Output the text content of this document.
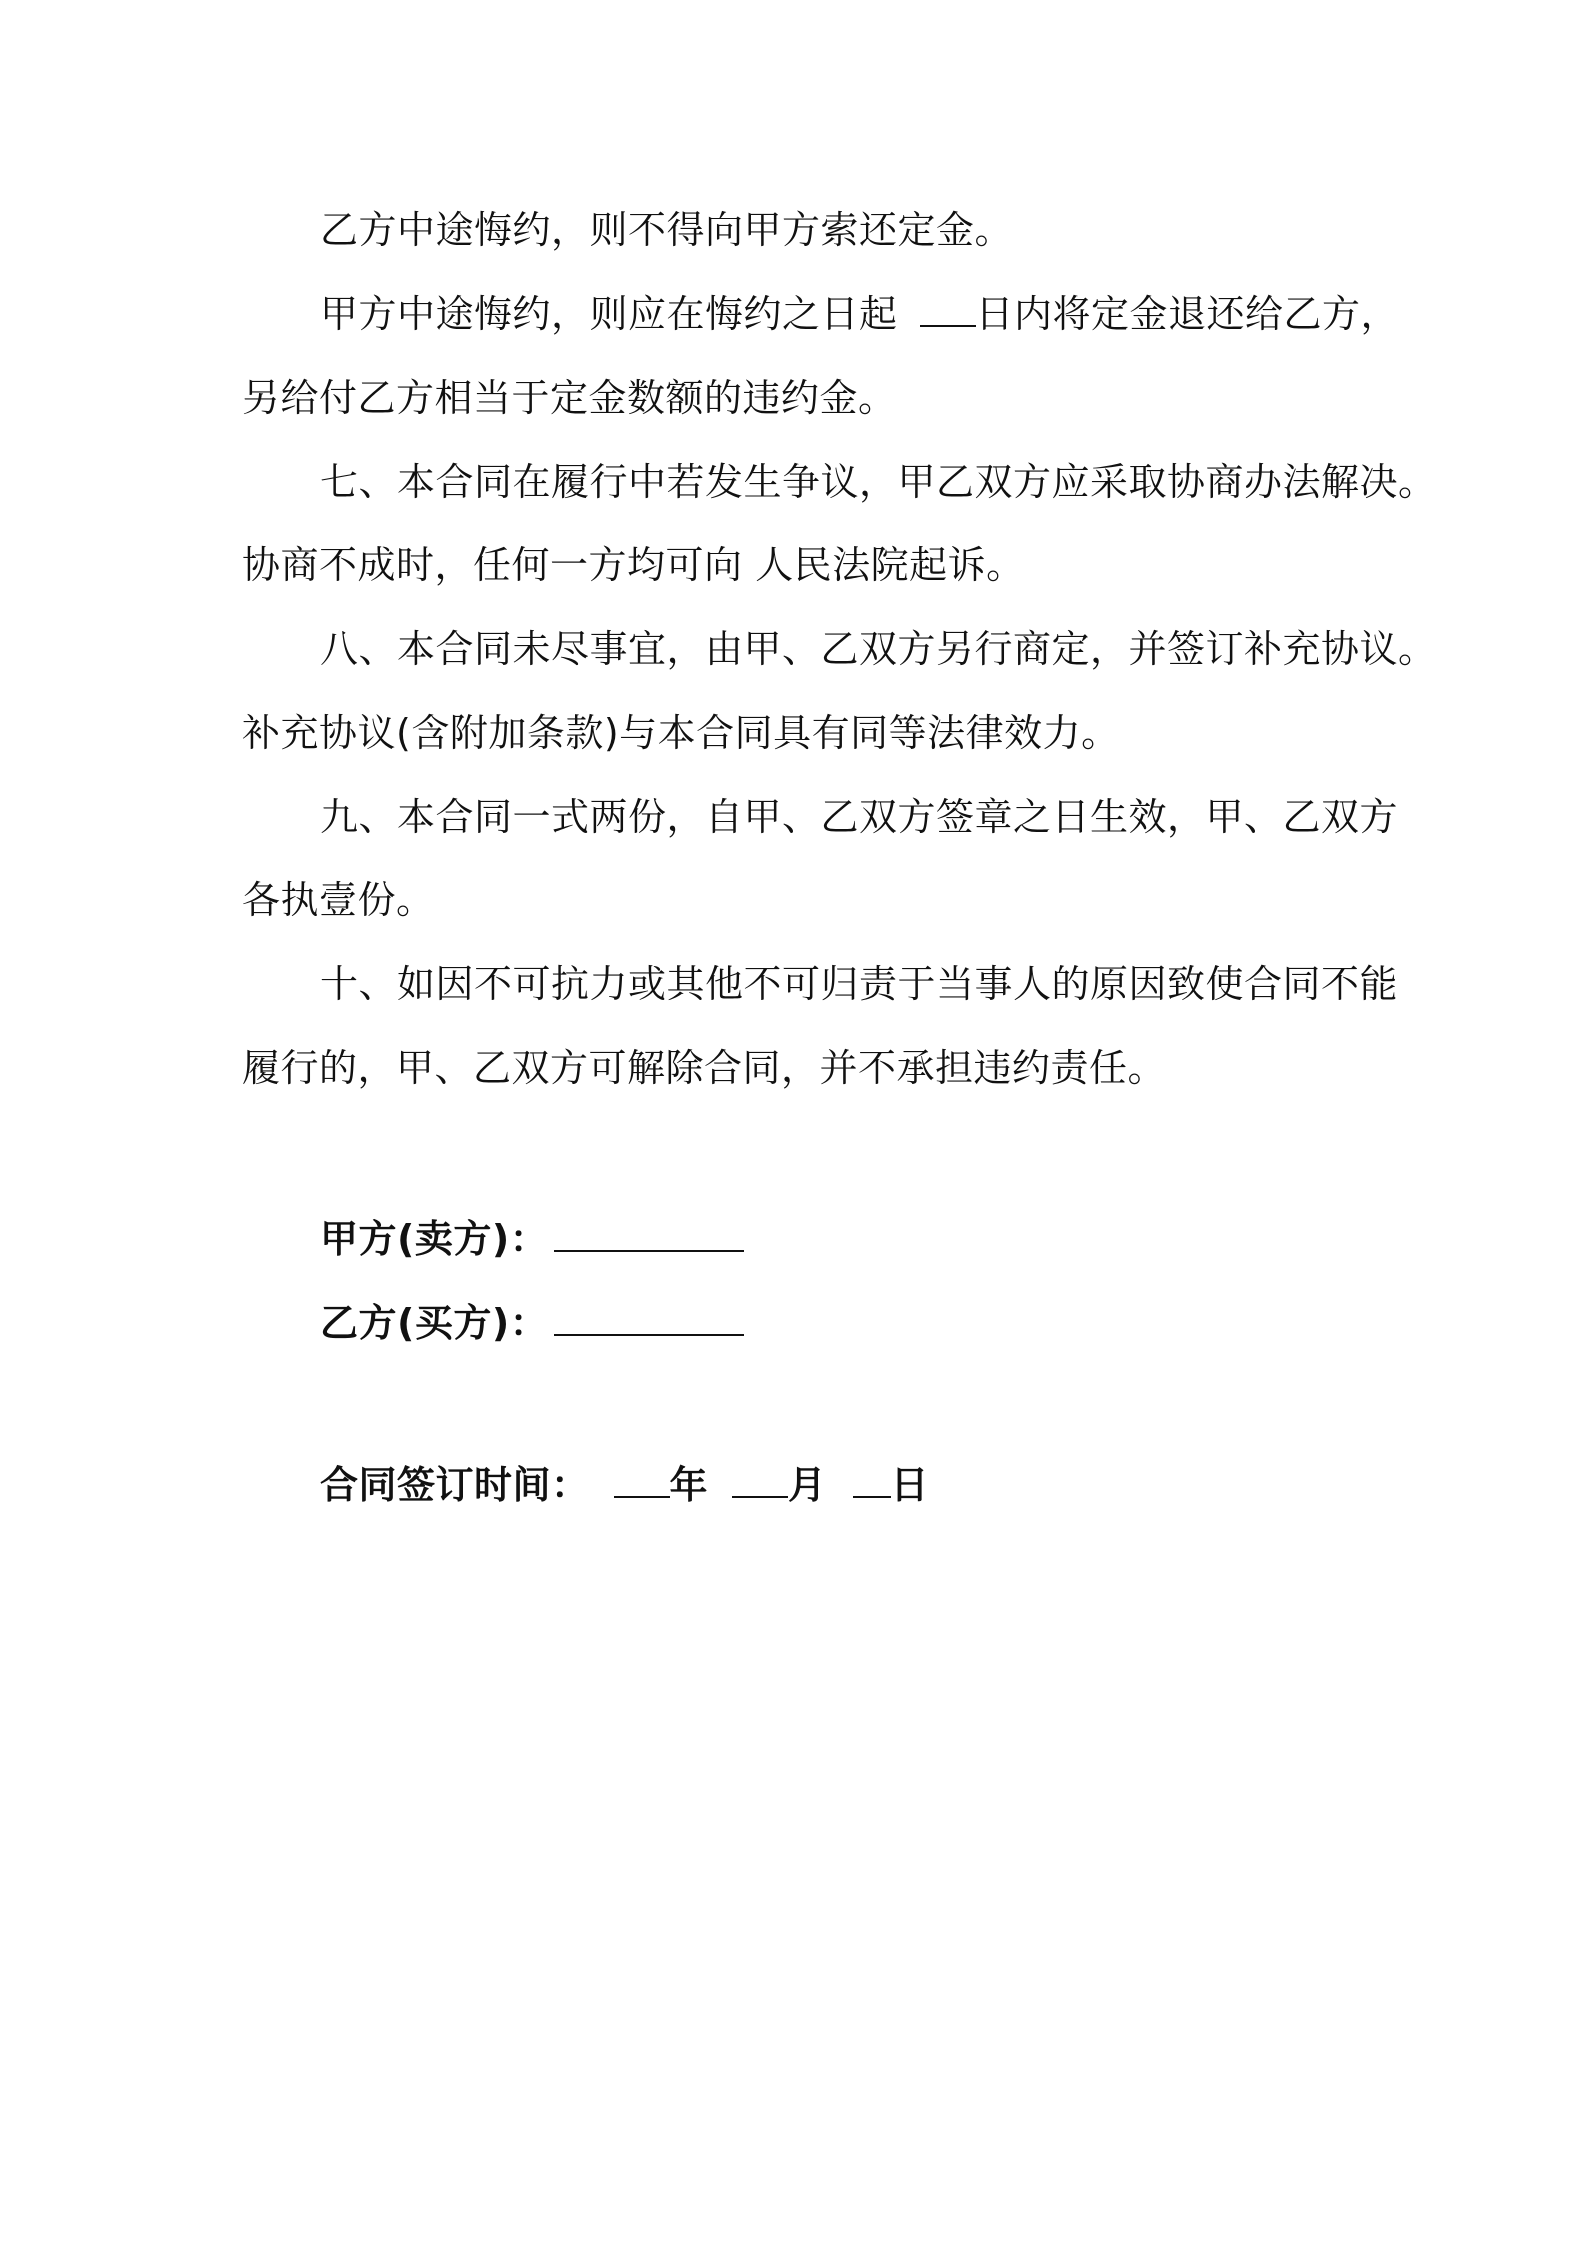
乙方中途悔约，则不得向甲方索还定金。
甲方中途悔约，则应在悔约之日起 日内将定金退还给乙方，
另给付乙方相当于定金数额的违约金。
七、本合同在履行中若发生争议，甲乙双方应采取协商办法解决。
协商不成时，任何一方均可向 人民法院起诉。
八、本合同未尽事宜，由甲、乙双方另行商定，并签订补充协议。
补充协议(含附加条款)与本合同具有同等法律效力。
九、本合同一式两份，自甲、乙双方签章之日生效，甲、乙双方
各执壹份。
十、如因不可抗力或其他不可归责于当事人的原因致使合同不能
履行的，甲、乙双方可解除合同，并不承担违约责任。
甲方(卖方)：
乙方(买方)：
合同签订时间： 年 月 日
